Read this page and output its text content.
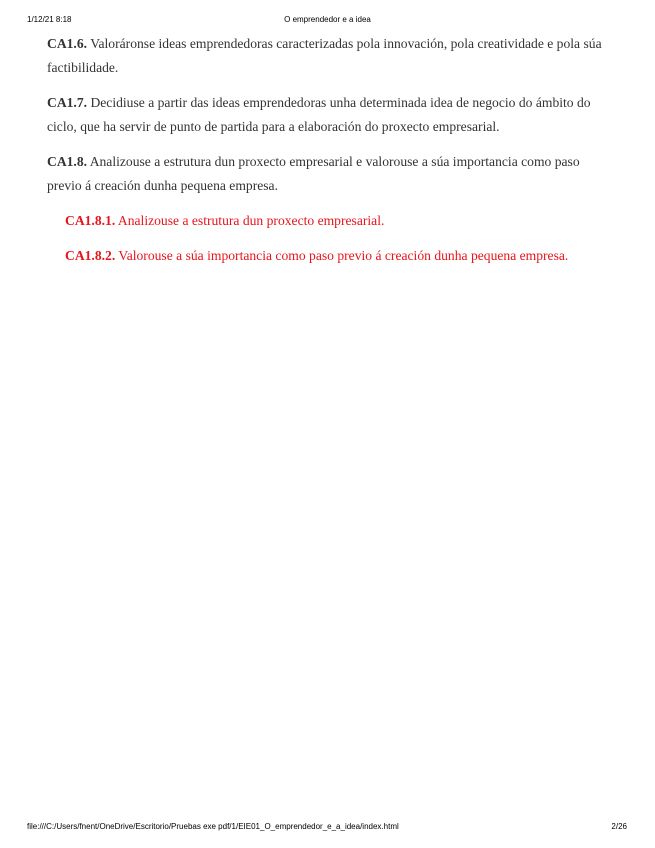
1/12/21 8:18	O emprendedor e a idea

CA1.6. Valoráronse ideas emprendedoras caracterizadas pola innovación, pola creatividade e pola súa factibilidade.

CA1.7. Decidiuse a partir das ideas emprendedoras unha determinada idea de negocio do ámbito do ciclo, que ha servir de punto de partida para a elaboración do proxecto empresarial.

CA1.8. Analizouse a estrutura dun proxecto empresarial e valorouse a súa importancia como paso previo á creación dunha pequena empresa.

CA1.8.1. Analizouse a estrutura dun proxecto empresarial.

CA1.8.2. Valorouse a súa importancia como paso previo á creación dunha pequena empresa.

file:///C:/Users/fnent/OneDrive/Escritorio/Pruebas exe pdf/1/EIE01_O_emprendedor_e_a_idea/index.html	2/26
